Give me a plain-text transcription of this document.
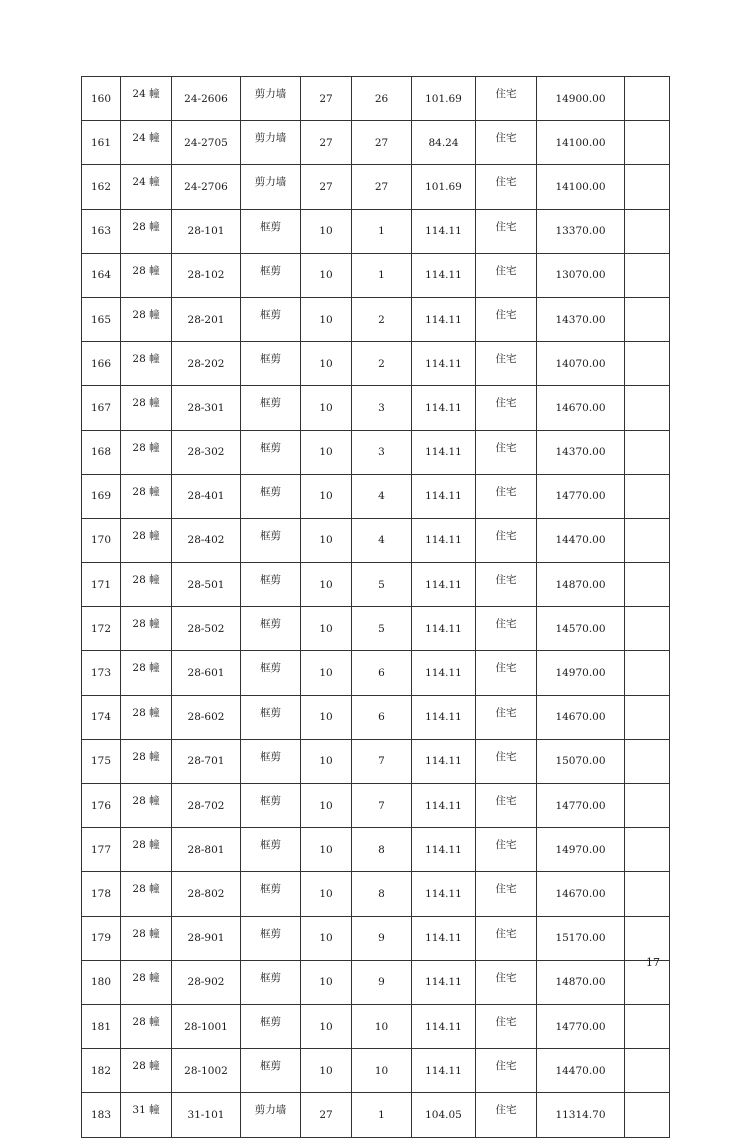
160	24 幢	24-2606	剪力墙	27	26	101.69	住宅	14900.00	
161	24 幢	24-2705	剪力墙	27	27	84.24	住宅	14100.00	
162	24 幢	24-2706	剪力墙	27	27	101.69	住宅	14100.00	
163	28 幢	28-101	框剪	10	1	114.11	住宅	13370.00	
164	28 幢	28-102	框剪	10	1	114.11	住宅	13070.00	
165	28 幢	28-201	框剪	10	2	114.11	住宅	14370.00	
166	28 幢	28-202	框剪	10	2	114.11	住宅	14070.00	
167	28 幢	28-301	框剪	10	3	114.11	住宅	14670.00	
168	28 幢	28-302	框剪	10	3	114.11	住宅	14370.00	
169	28 幢	28-401	框剪	10	4	114.11	住宅	14770.00	
170	28 幢	28-402	框剪	10	4	114.11	住宅	14470.00	
171	28 幢	28-501	框剪	10	5	114.11	住宅	14870.00	
172	28 幢	28-502	框剪	10	5	114.11	住宅	14570.00	
173	28 幢	28-601	框剪	10	6	114.11	住宅	14970.00	
174	28 幢	28-602	框剪	10	6	114.11	住宅	14670.00	
175	28 幢	28-701	框剪	10	7	114.11	住宅	15070.00	
176	28 幢	28-702	框剪	10	7	114.11	住宅	14770.00	
177	28 幢	28-801	框剪	10	8	114.11	住宅	14970.00	
178	28 幢	28-802	框剪	10	8	114.11	住宅	14670.00	
179	28 幢	28-901	框剪	10	9	114.11	住宅	15170.00	
180	28 幢	28-902	框剪	10	9	114.11	住宅	14870.00	
181	28 幢	28-1001	框剪	10	10	114.11	住宅	14770.00	
182	28 幢	28-1002	框剪	10	10	114.11	住宅	14470.00	
183	31 幢	31-101	剪力墙	27	1	104.05	住宅	11314.70	
17
